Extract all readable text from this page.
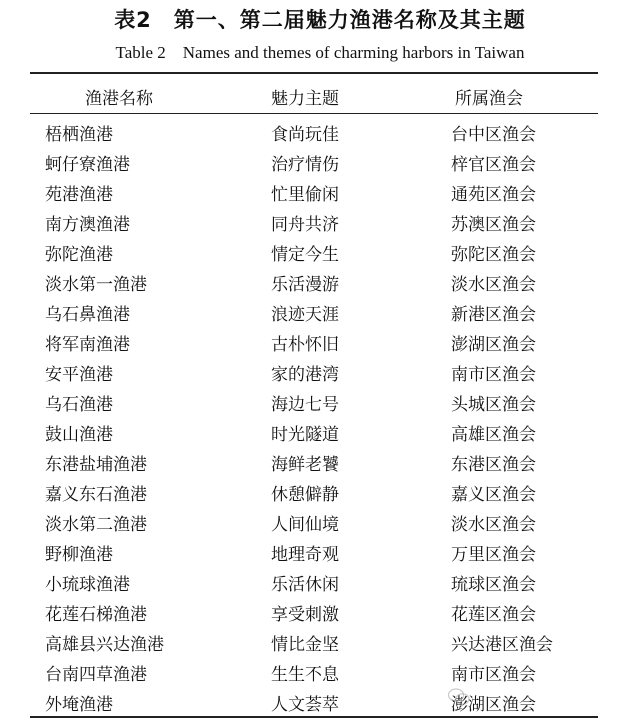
表2　第一、第二届魅力渔港名称及其主题
Table 2　Names and themes of charming harbors in Taiwan
渔港名称	魅力主题	所属渔会
梧栖渔港	食尚玩佳	台中区渔会
蚵仔寮渔港	治疗情伤	梓官区渔会
苑港渔港	忙里偷闲	通苑区渔会
南方澳渔港	同舟共济	苏澳区渔会
弥陀渔港	情定今生	弥陀区渔会
淡水第一渔港	乐活漫游	淡水区渔会
乌石鼻渔港	浪迹天涯	新港区渔会
将军南渔港	古朴怀旧	澎湖区渔会
安平渔港	家的港湾	南市区渔会
乌石渔港	海边七号	头城区渔会
鼓山渔港	时光隧道	高雄区渔会
东港盐埔渔港	海鲜老饕	东港区渔会
嘉义东石渔港	休憩僻静	嘉义区渔会
淡水第二渔港	人间仙境	淡水区渔会
野柳渔港	地理奇观	万里区渔会
小琉球渔港	乐活休闲	琉球区渔会
花莲石梯渔港	享受刺激	花莲区渔会
高雄县兴达渔港	情比金坚	兴达港区渔会
台南四草渔港	生生不息	南市区渔会
外埯渔港	人文荟萃	澎湖区渔会
